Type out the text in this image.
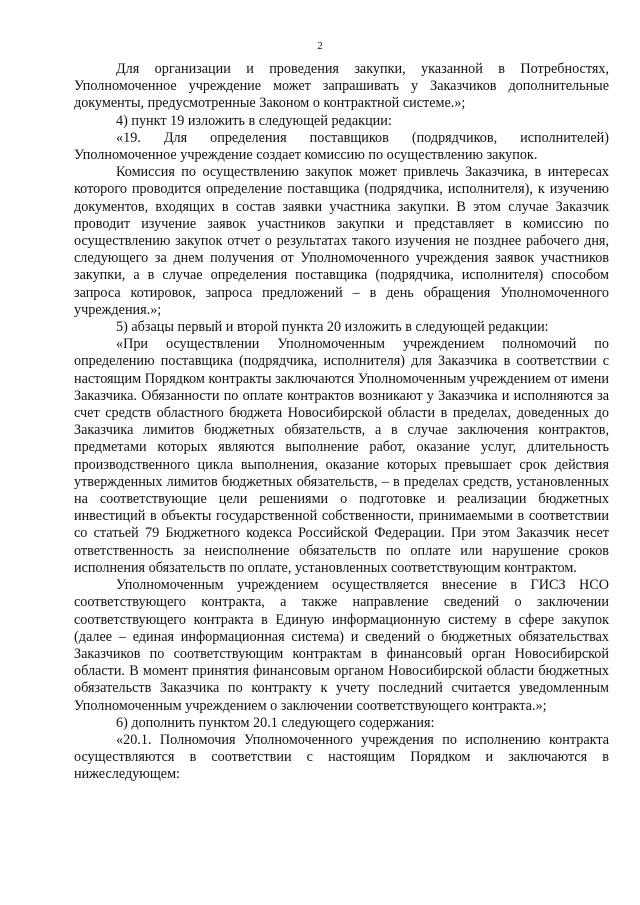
2

Для организации и проведения закупки, указанной в Потребностях, Уполномоченное учреждение может запрашивать у Заказчиков дополнительные документы, предусмотренные Законом о контрактной системе.»;

4) пункт 19 изложить в следующей редакции:

«19. Для определения поставщиков (подрядчиков, исполнителей) Уполномоченное учреждение создает комиссию по осуществлению закупок.

Комиссия по осуществлению закупок может привлечь Заказчика, в интересах которого проводится определение поставщика (подрядчика, исполнителя), к изучению документов, входящих в состав заявки участника закупки. В этом случае Заказчик проводит изучение заявок участников закупки и представляет в комиссию по осуществлению закупок отчет о результатах такого изучения не позднее рабочего дня, следующего за днем получения от Уполномоченного учреждения заявок участников закупки, а в случае определения поставщика (подрядчика, исполнителя) способом запроса котировок, запроса предложений – в день обращения Уполномоченного учреждения.»;

5) абзацы первый и второй пункта 20 изложить в следующей редакции:

«При осуществлении Уполномоченным учреждением полномочий по определению поставщика (подрядчика, исполнителя) для Заказчика в соответствии с настоящим Порядком контракты заключаются Уполномоченным учреждением от имени Заказчика. Обязанности по оплате контрактов возникают у Заказчика и исполняются за счет средств областного бюджета Новосибирской области в пределах, доведенных до Заказчика лимитов бюджетных обязательств, а в случае заключения контрактов, предметами которых являются выполнение работ, оказание услуг, длительность производственного цикла выполнения, оказание которых превышает срок действия утвержденных лимитов бюджетных обязательств, – в пределах средств, установленных на соответствующие цели решениями о подготовке и реализации бюджетных инвестиций в объекты государственной собственности, принимаемыми в соответствии со статьей 79 Бюджетного кодекса Российской Федерации. При этом Заказчик несет ответственность за неисполнение обязательств по оплате или нарушение сроков исполнения обязательств по оплате, установленных соответствующим контрактом.

Уполномоченным учреждением осуществляется внесение в ГИСЗ НСО соответствующего контракта, а также направление сведений о заключении соответствующего контракта в Единую информационную систему в сфере закупок (далее – единая информационная система) и сведений о бюджетных обязательствах Заказчиков по соответствующим контрактам в финансовый орган Новосибирской области. В момент принятия финансовым органом Новосибирской области бюджетных обязательств Заказчика по контракту к учету последний считается уведомленным Уполномоченным учреждением о заключении соответствующего контракта.»;

6) дополнить пунктом 20.1 следующего содержания:

«20.1. Полномочия Уполномоченного учреждения по исполнению контракта осуществляются в соответствии с настоящим Порядком и заключаются в нижеследующем:
